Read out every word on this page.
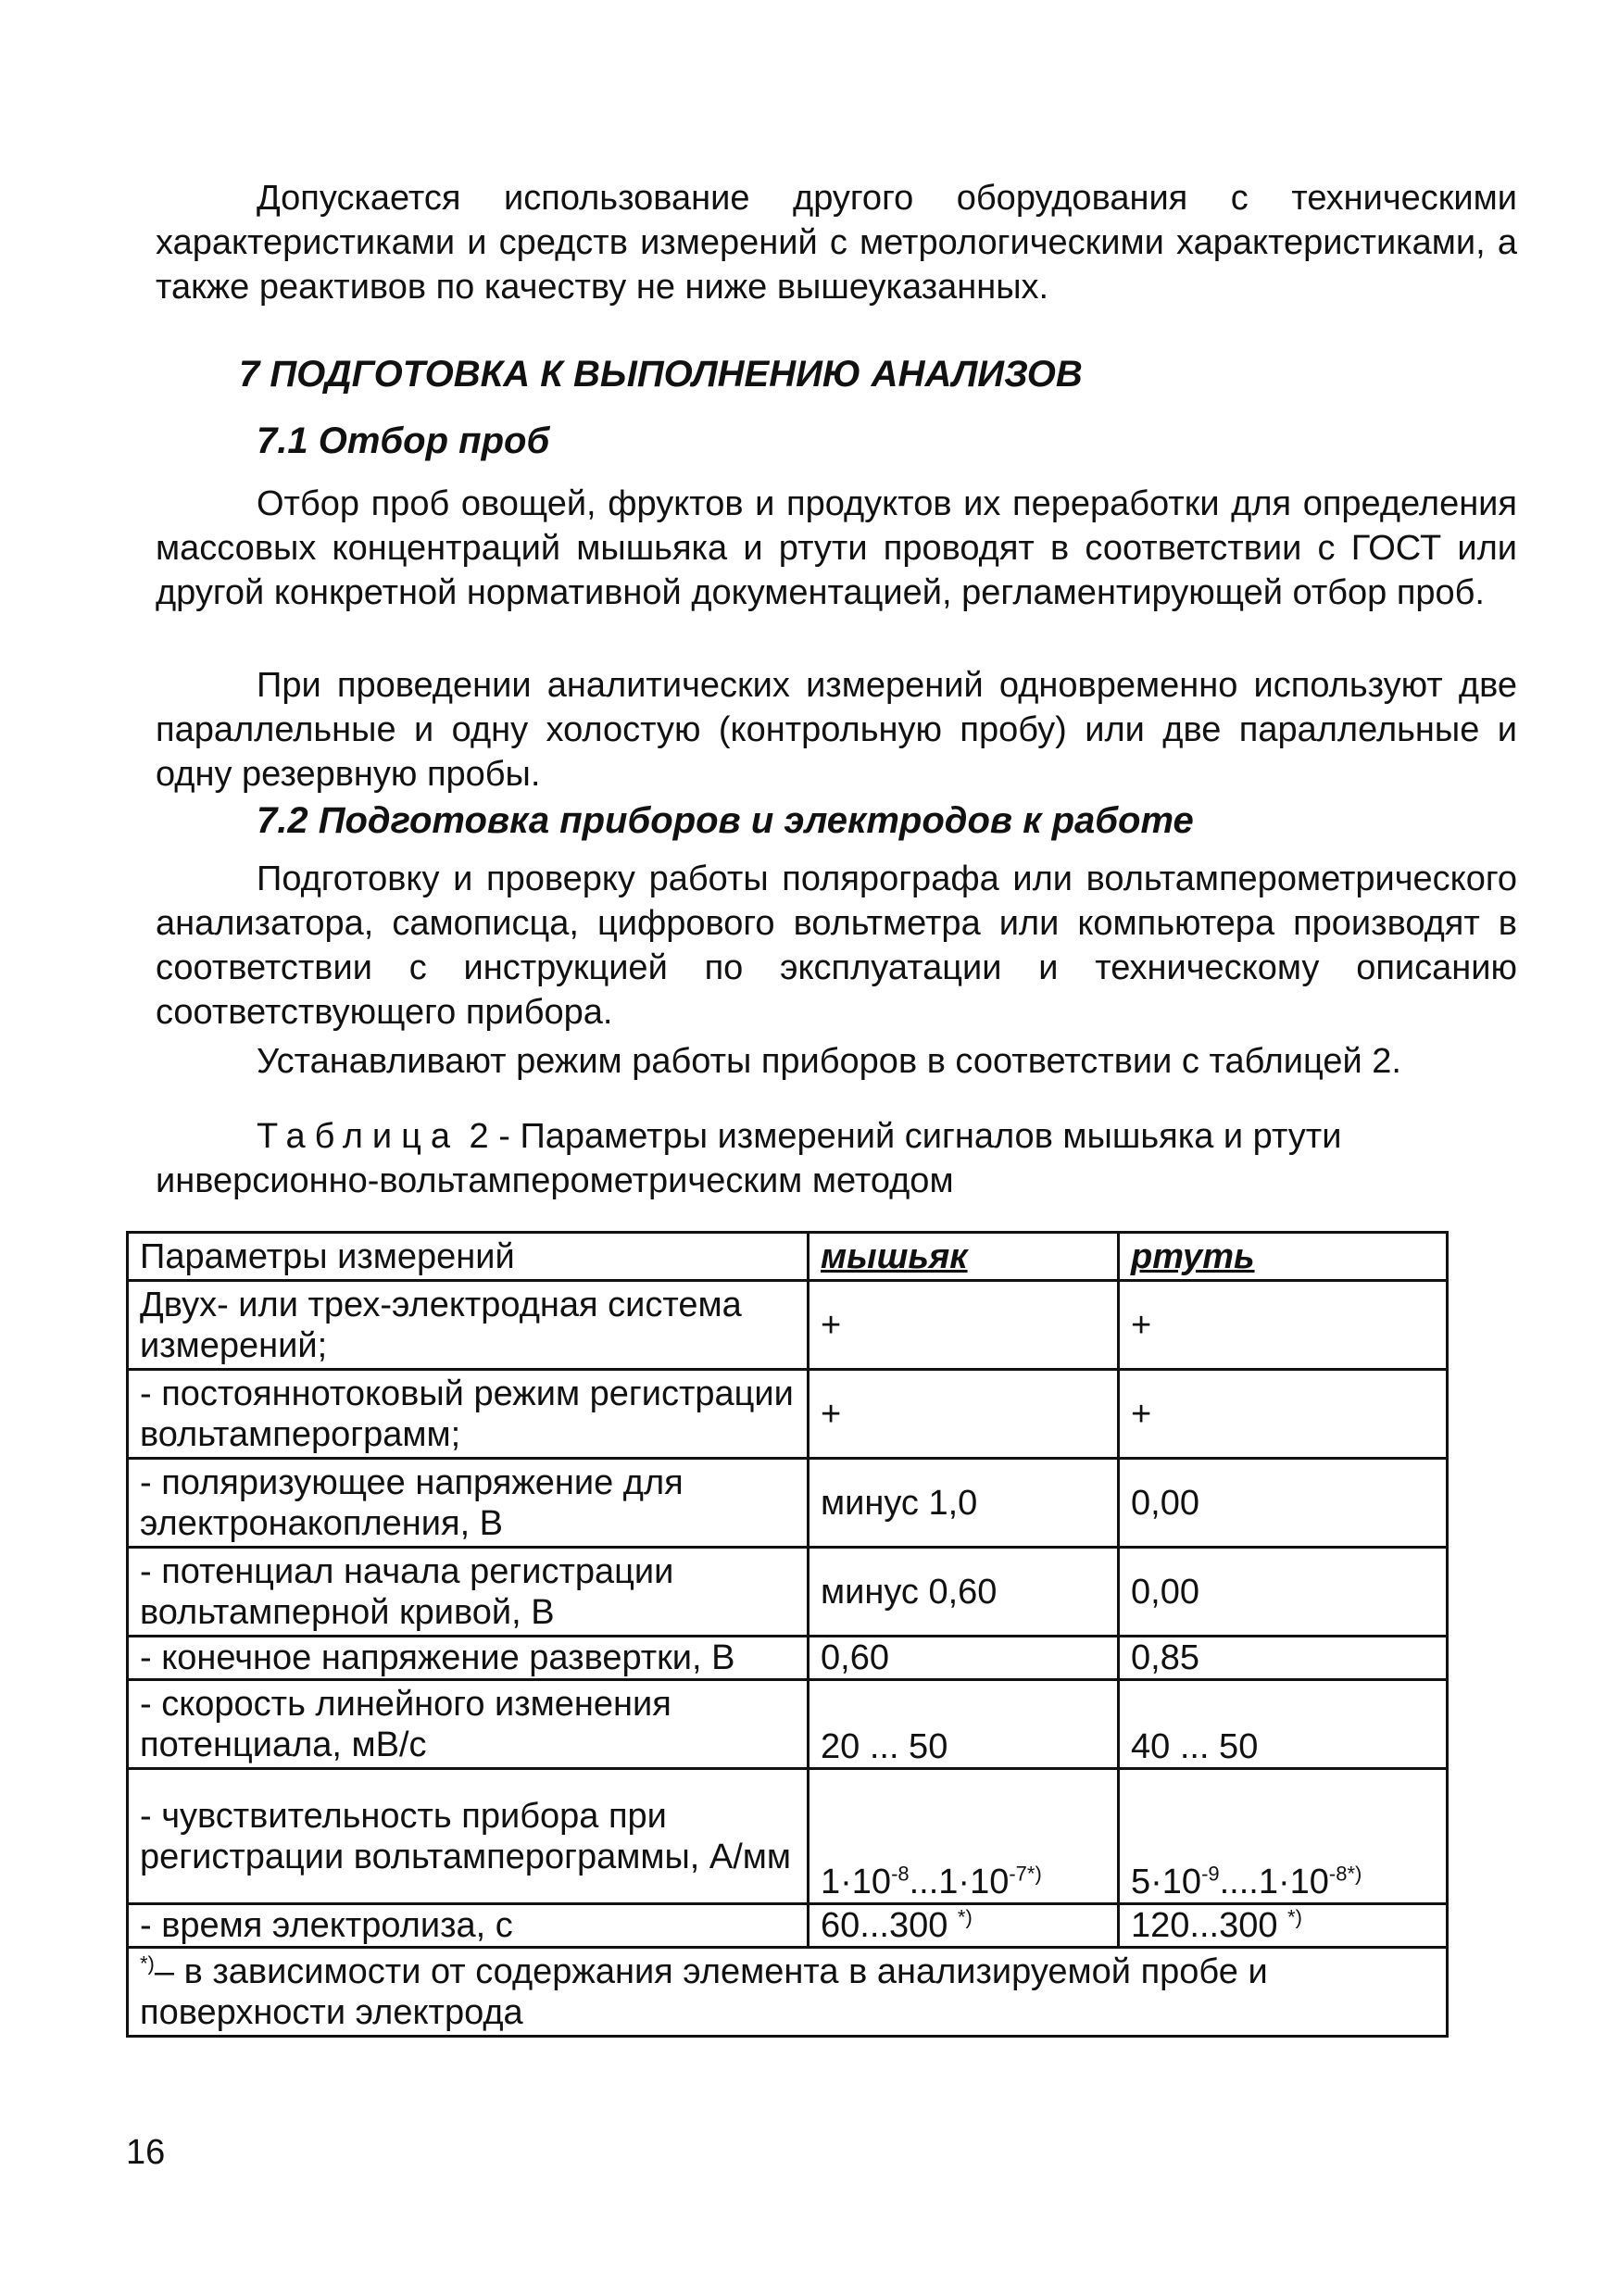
Допускается использование другого оборудования с техническими характеристиками и средств измерений с метрологическими характеристиками, а также реактивов по качеству не ниже вышеуказанных.

7 ПОДГОТОВКА К ВЫПОЛНЕНИЮ АНАЛИЗОВ
7.1 Отбор проб

Отбор проб овощей, фруктов и продуктов их переработки для определения массовых концентраций мышьяка и ртути проводят в соответствии с ГОСТ или другой конкретной нормативной документацией, регламентирующей отбор проб.

При проведении аналитических измерений одновременно используют две параллельные и одну холостую (контрольную пробу) или две параллельные и одну резервную пробы.

7.2 Подготовка приборов и электродов к работе

Подготовку и проверку работы полярографа или вольтамперометрического анализатора, самописца, цифрового вольтметра или компьютера производят в соответствии с инструкцией по эксплуатации и техническому описанию соответствующего прибора.

Устанавливают режим работы приборов в соответствии с таблицей 2.

Таблица 2 - Параметры измерений сигналов мышьяка и ртути инверсионно-вольтамперометрическим методом

Параметры измерений	мышьяк	ртуть
Двух- или трех-электродная система измерений;	+	+
- постояннотоковый режим регистрации вольтамперограмм;	+	+
- поляризующее напряжение для электронакопления, В	минус 1,0	0,00
- потенциал начала регистрации вольтамперной кривой, В	минус 0,60	0,00
- конечное напряжение развертки, В	0,60	0,85
- скорость линейного изменения потенциала, мВ/с	20 ... 50	40 ... 50
- чувствительность прибора при регистрации вольтамперограммы, А/мм	$1\cdot 10^{-8}...1\cdot 10^{-7*)}$	$5\cdot 10^{-9}....1\cdot 10^{-8*)}$
- время электролиза, с	60...300 *)	120...300 *)
*)– в зависимости от содержания элемента в анализируемой пробе и поверхности электрода		
16
